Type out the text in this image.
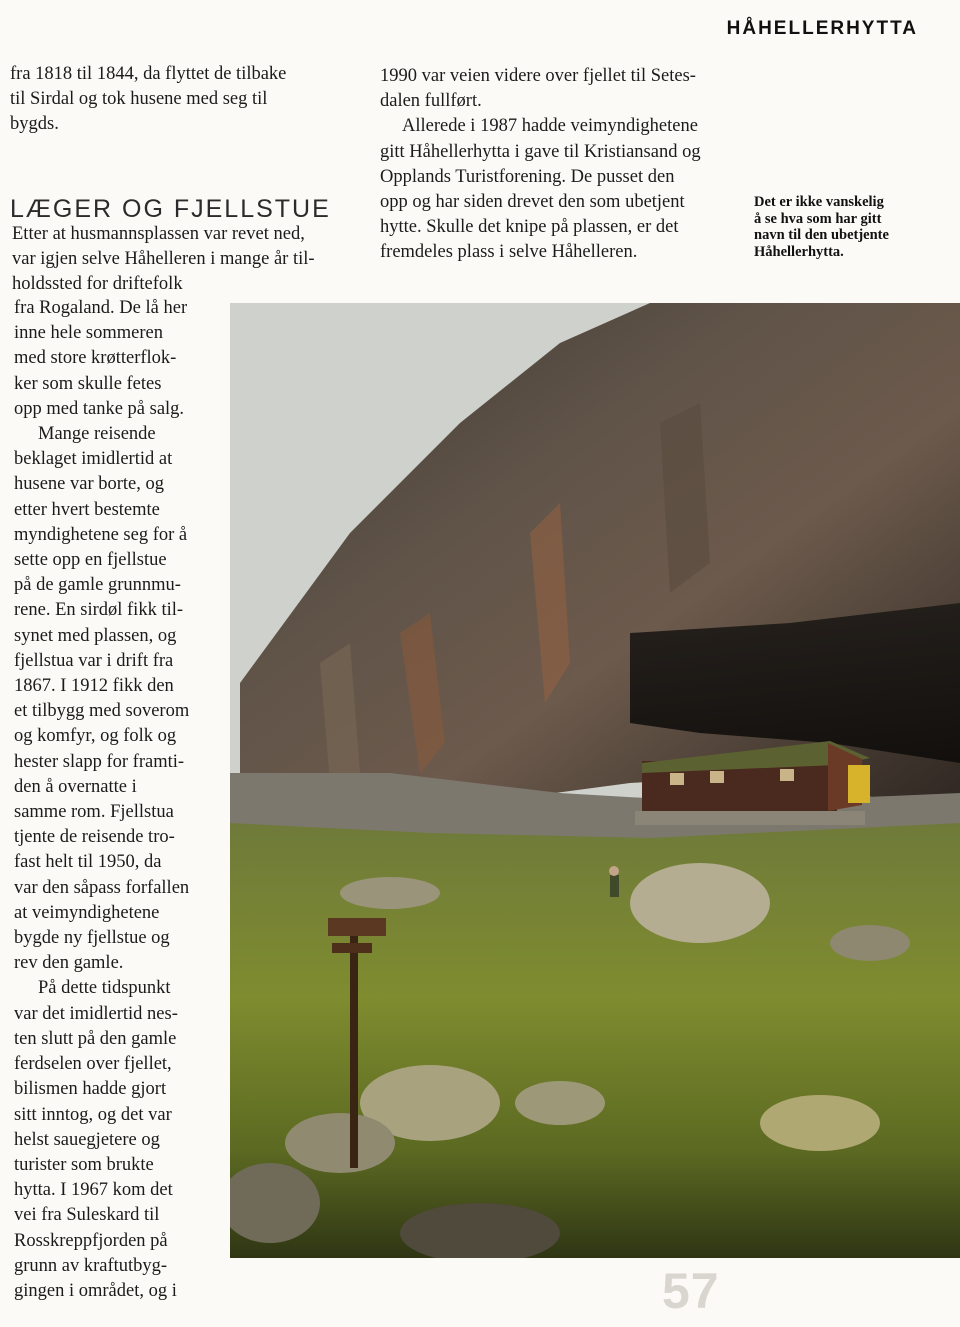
HÅHELLERHYTTA

fra 1818 til 1844, da flyttet de tilbake
til Sirdal og tok husene med seg til
bygds.

LÆGER OG FJELLSTUE

Etter at husmannsplassen var revet ned,
var igjen selve Håhelleren i mange år til-
holdssted for driftefolk

fra Rogaland. De lå her
inne hele sommeren
med store krøtterflok-
ker som skulle fetes
opp med tanke på salg.

Mange reisende
beklaget imidlertid at
husene var borte, og
etter hvert bestemte
myndighetene seg for å
sette opp en fjellstue
på de gamle grunnmu-
rene. En sirdøl fikk til-
synet med plassen, og
fjellstua var i drift fra
1867. I 1912 fikk den
et tilbygg med soverom
og komfyr, og folk og
hester slapp for framti-
den å overnatte i
samme rom. Fjellstua
tjente de reisende tro-
fast helt til 1950, da
var den såpass forfallen
at veimyndighetene
bygde ny fjellstue og
rev den gamle.

På dette tidspunkt
var det imidlertid nes-
ten slutt på den gamle
ferdselen over fjellet,
bilismen hadde gjort
sitt inntog, og det var
helst sauegjetere og
turister som brukte
hytta. I 1967 kom det
vei fra Suleskard til
Rosskreppfjorden på
grunn av kraftutbyg-
gingen i området, og i

1990 var veien videre over fjellet til Setes-
dalen fullført.

Allerede i 1987 hadde veimyndighetene
gitt Håhellerhytta i gave til Kristiansand og
Opplands Turistforening. De pusset den
opp og har siden drevet den som ubetjent
hytte. Skulle det knipe på plassen, er det
fremdeles plass i selve Håhelleren.

Det er ikke vanskelig
å se hva som har gitt
navn til den ubetjente
Håhellerhytta.
57
